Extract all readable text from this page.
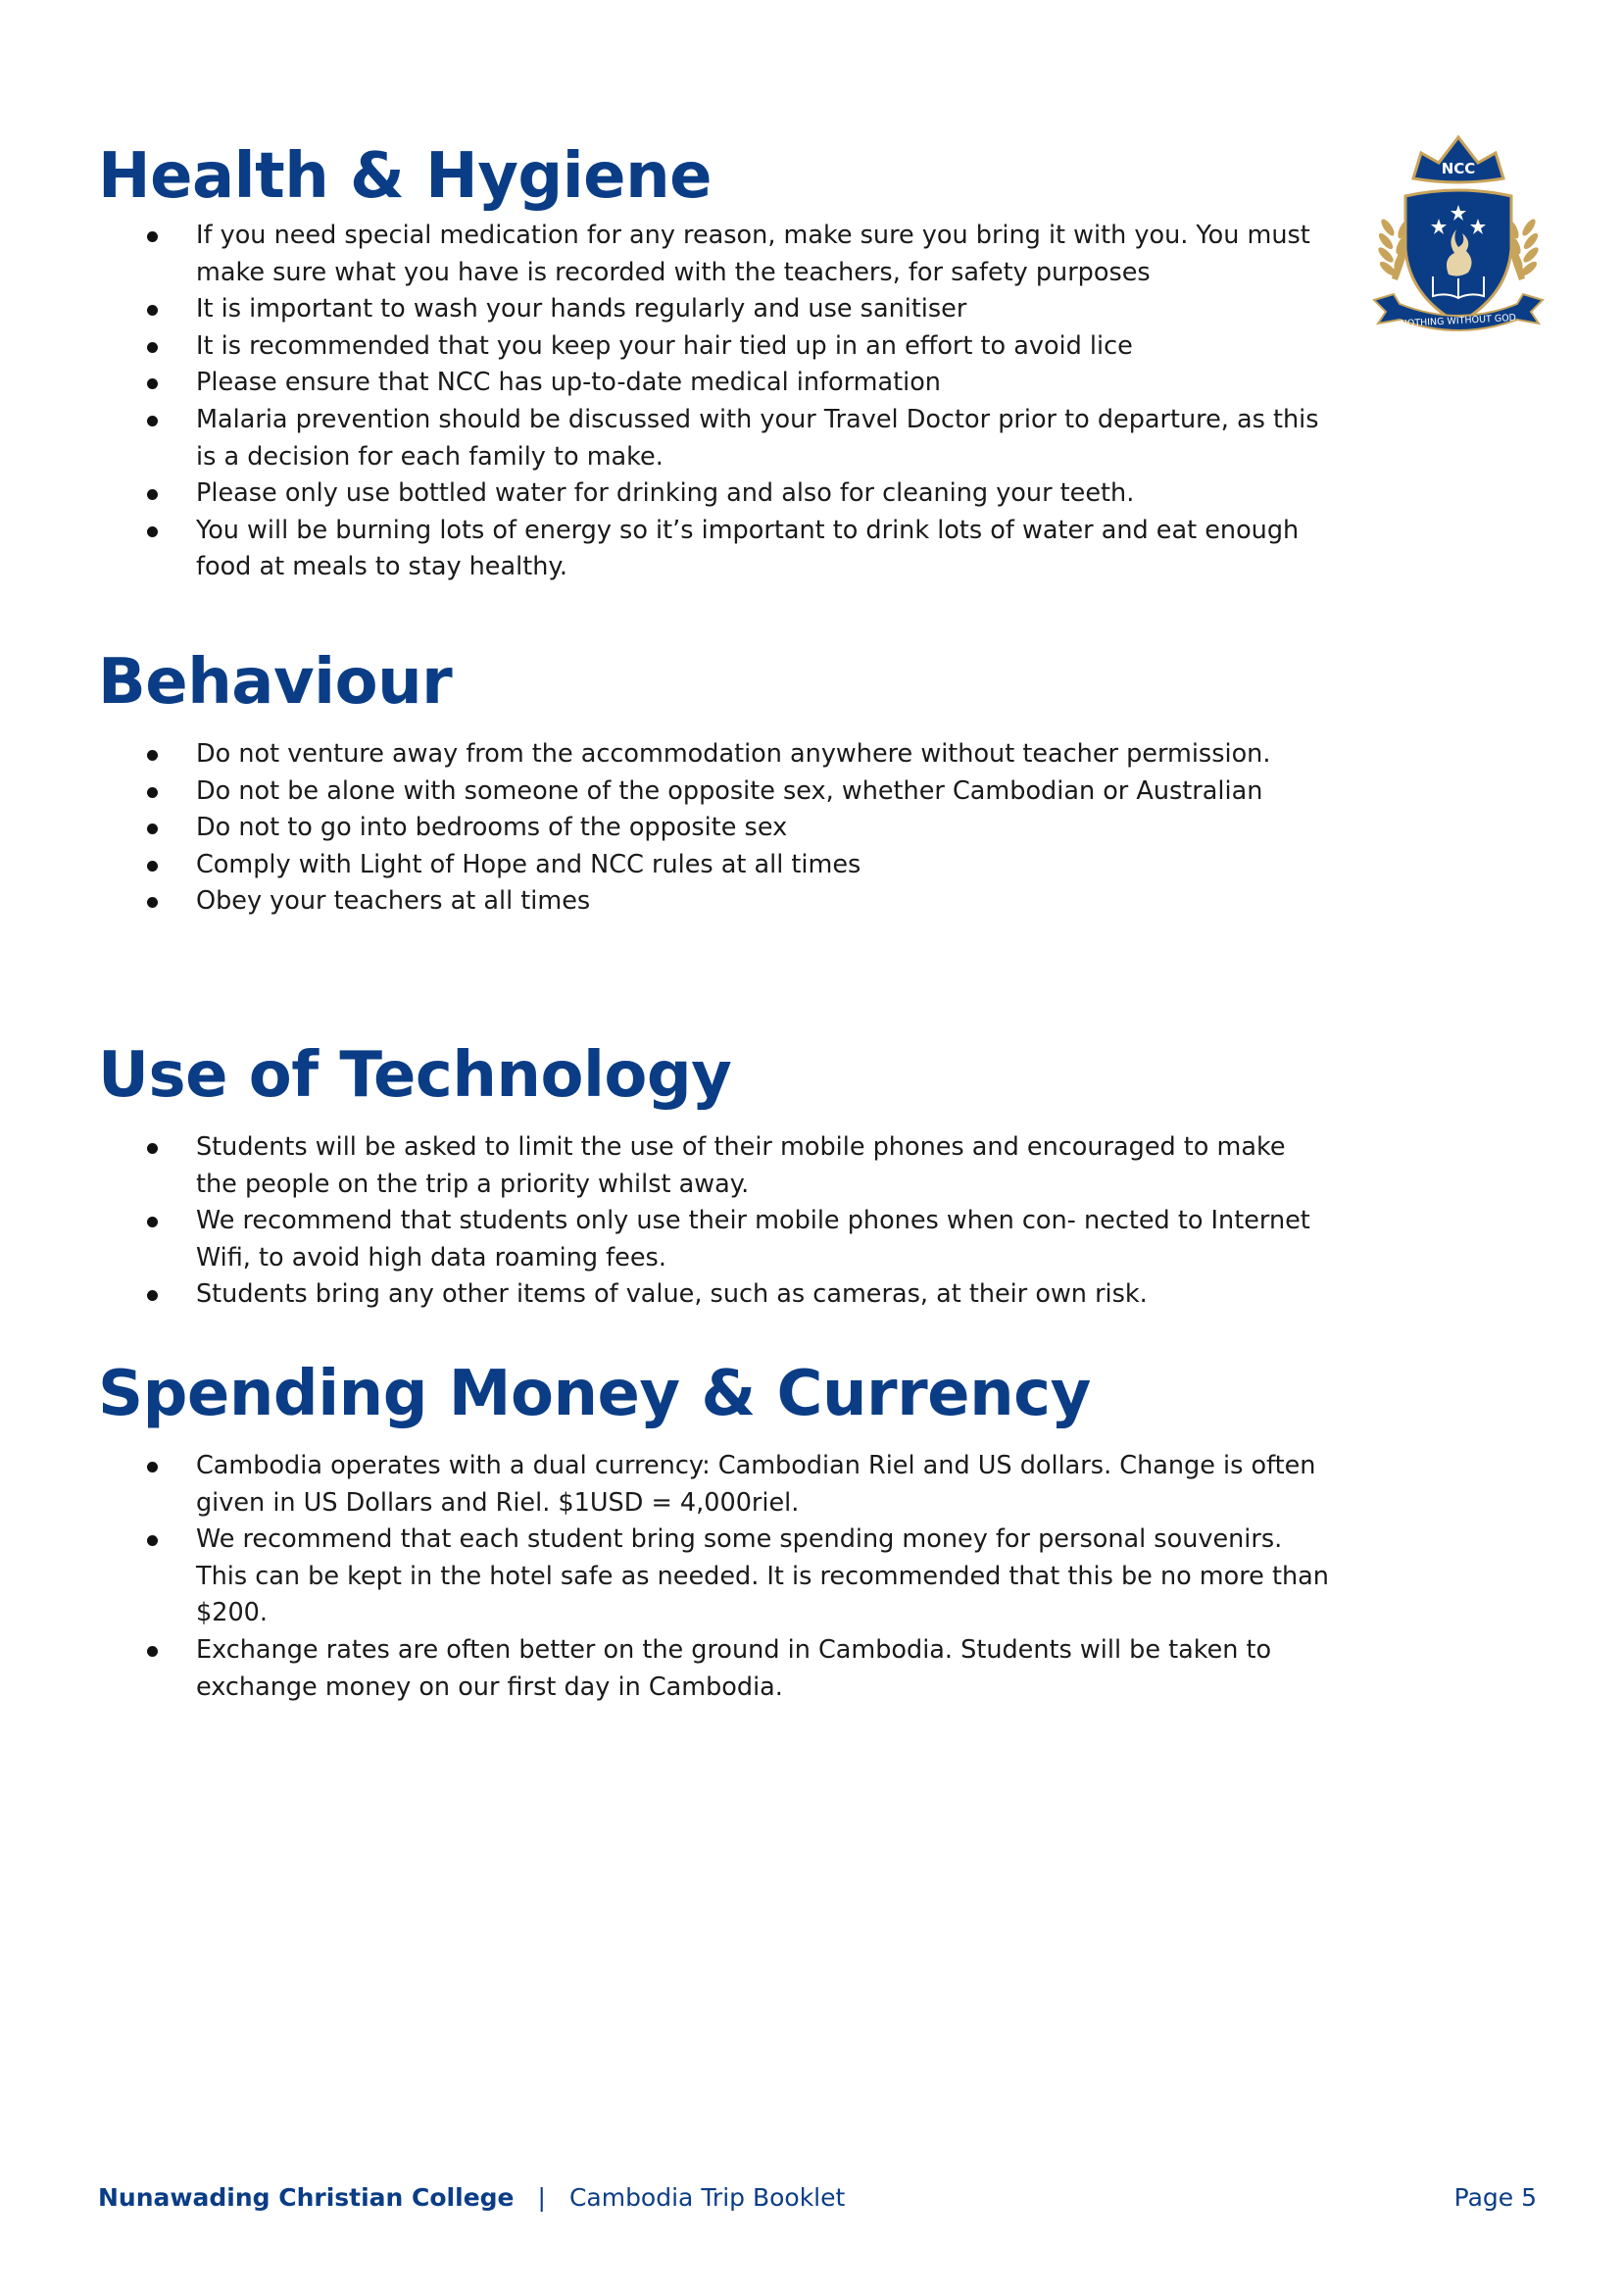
NCC
NOTHING WITHOUT GOD
Health & Hygiene
If you need special medication for any reason, make sure you bring it with you. You must make sure what you have is recorded with the teachers, for safety purposes
It is important to wash your hands regularly and use sanitiser
It is recommended that you keep your hair tied up in an effort to avoid lice
Please ensure that NCC has up-to-date medical information
Malaria prevention should be discussed with your Travel Doctor prior to departure, as this is a decision for each family to make.
Please only use bottled water for drinking and also for cleaning your teeth.
You will be burning lots of energy so it’s important to drink lots of water and eat enough food at meals to stay healthy.
Behaviour
Do not venture away from the accommodation anywhere without teacher permission.
Do not be alone with someone of the opposite sex, whether Cambodian or Australian
Do not to go into bedrooms of the opposite sex
Comply with Light of Hope and NCC rules at all times
Obey your teachers at all times
Use of Technology
Students will be asked to limit the use of their mobile phones and encouraged to make the people on the trip a priority whilst away.
We recommend that students only use their mobile phones when con- nected to Internet Wifi, to avoid high data roaming fees.
Students bring any other items of value, such as cameras, at their own risk.
Spending Money & Currency
Cambodia operates with a dual currency: Cambodian Riel and US dollars. Change is often given in US Dollars and Riel. $1USD = 4,000riel.
We recommend that each student bring some spending money for personal souvenirs. This can be kept in the hotel safe as needed. It is recommended that this be no more than $200.
Exchange rates are often better on the ground in Cambodia. Students will be taken to exchange money on our first day in Cambodia.
Nunawading Christian College | Cambodia Trip Booklet	Page 5
